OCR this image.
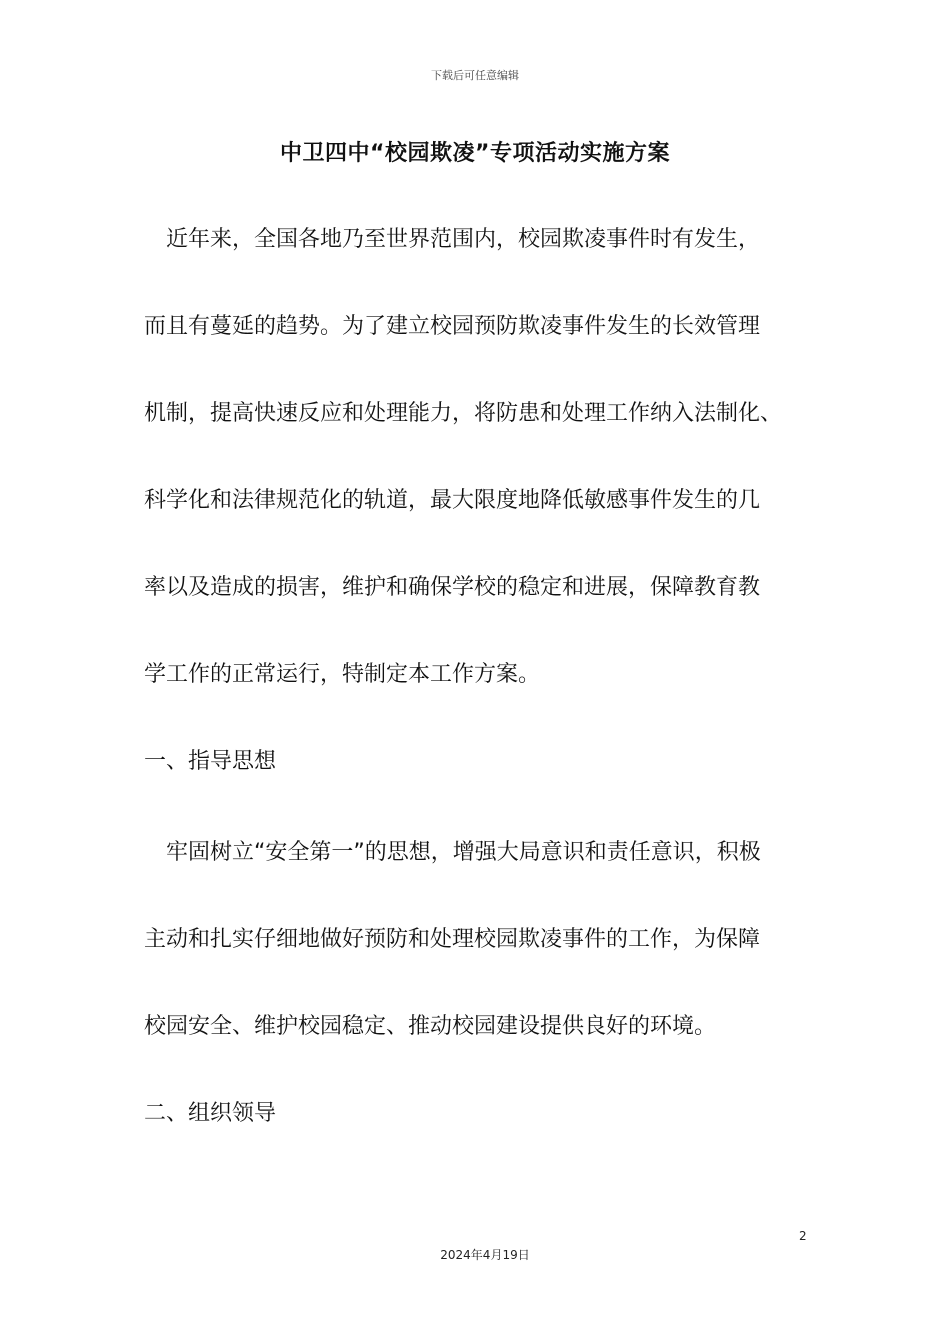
下载后可任意编辑
中卫四中“校园欺凌”专项活动实施方案
　近年来，全国各地乃至世界范围内，校园欺凌事件时有发生，
而且有蔓延的趋势。为了建立校园预防欺凌事件发生的长效管理
机制，提高快速反应和处理能力，将防患和处理工作纳入法制化、
科学化和法律规范化的轨道，最大限度地降低敏感事件发生的几
率以及造成的损害，维护和确保学校的稳定和进展，保障教育教
学工作的正常运行，特制定本工作方案。
一、指导思想
　牢固树立“安全第一”的思想，增强大局意识和责任意识，积极
主动和扎实仔细地做好预防和处理校园欺凌事件的工作，为保障
校园安全、维护校园稳定、推动校园建设提供良好的环境。
二、组织领导
2
2024年4月19日
